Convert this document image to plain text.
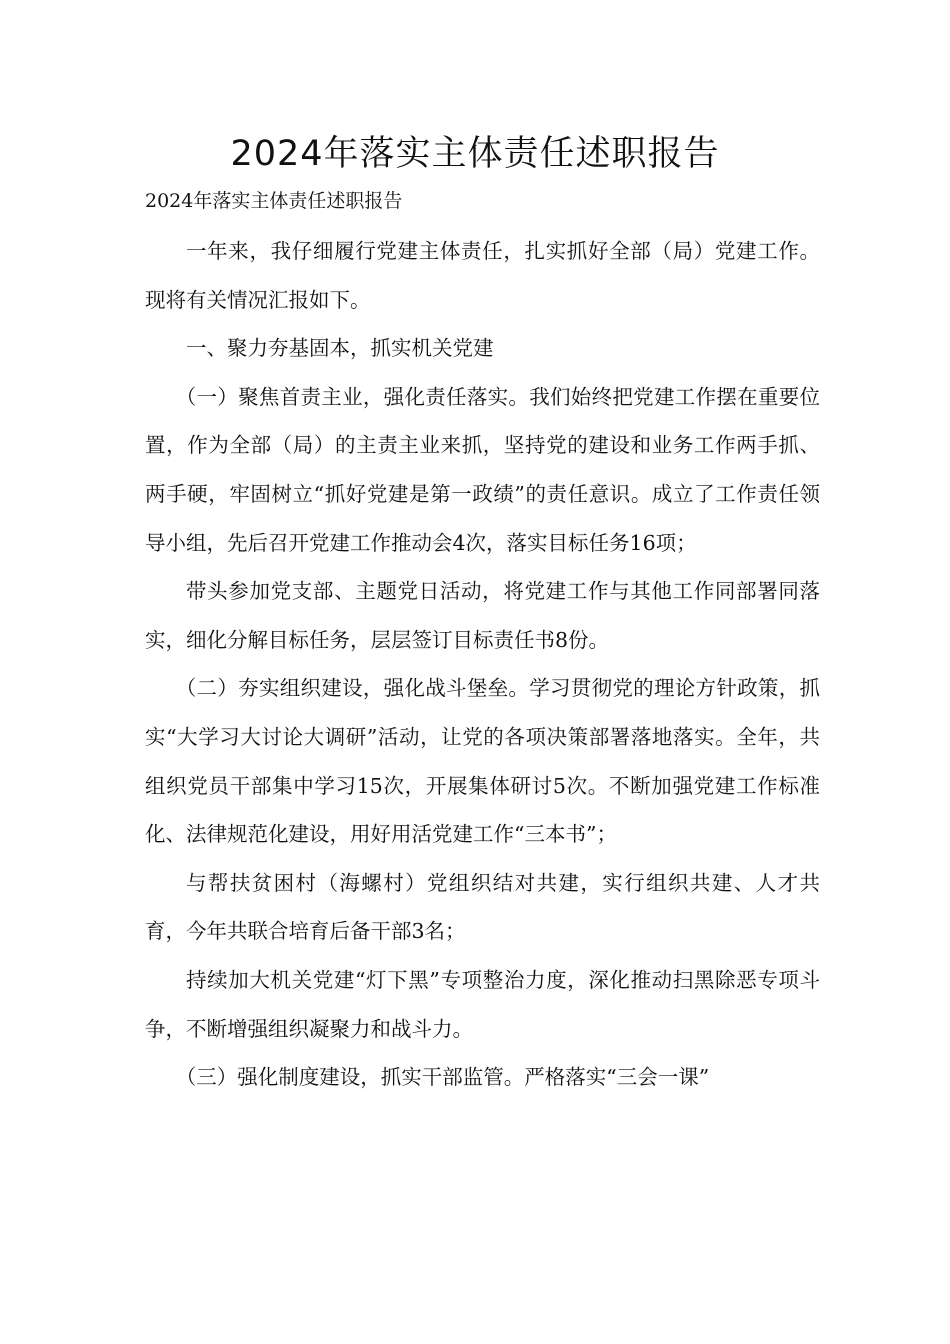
2024年落实主体责任述职报告

2024年落实主体责任述职报告

一年来，我仔细履行党建主体责任，扎实抓好全部（局）党建工作。现将有关情况汇报如下。

一、聚力夯基固本，抓实机关党建

（一）聚焦首责主业，强化责任落实。我们始终把党建工作摆在重要位置，作为全部（局）的主责主业来抓，坚持党的建设和业务工作两手抓、两手硬，牢固树立“抓好党建是第一政绩”的责任意识。成立了工作责任领导小组，先后召开党建工作推动会4次，落实目标任务16项；

带头参加党支部、主题党日活动，将党建工作与其他工作同部署同落实，细化分解目标任务，层层签订目标责任书8份。

（二）夯实组织建设，强化战斗堡垒。学习贯彻党的理论方针政策，抓实“大学习大讨论大调研”活动，让党的各项决策部署落地落实。全年，共组织党员干部集中学习15次，开展集体研讨5次。不断加强党建工作标准化、法律规范化建设，用好用活党建工作“三本书”；

与帮扶贫困村（海螺村）党组织结对共建，实行组织共建、人才共育，今年共联合培育后备干部3名；

持续加大机关党建“灯下黑”专项整治力度，深化推动扫黑除恶专项斗争，不断增强组织凝聚力和战斗力。

（三）强化制度建设，抓实干部监管。严格落实“三会一课”
